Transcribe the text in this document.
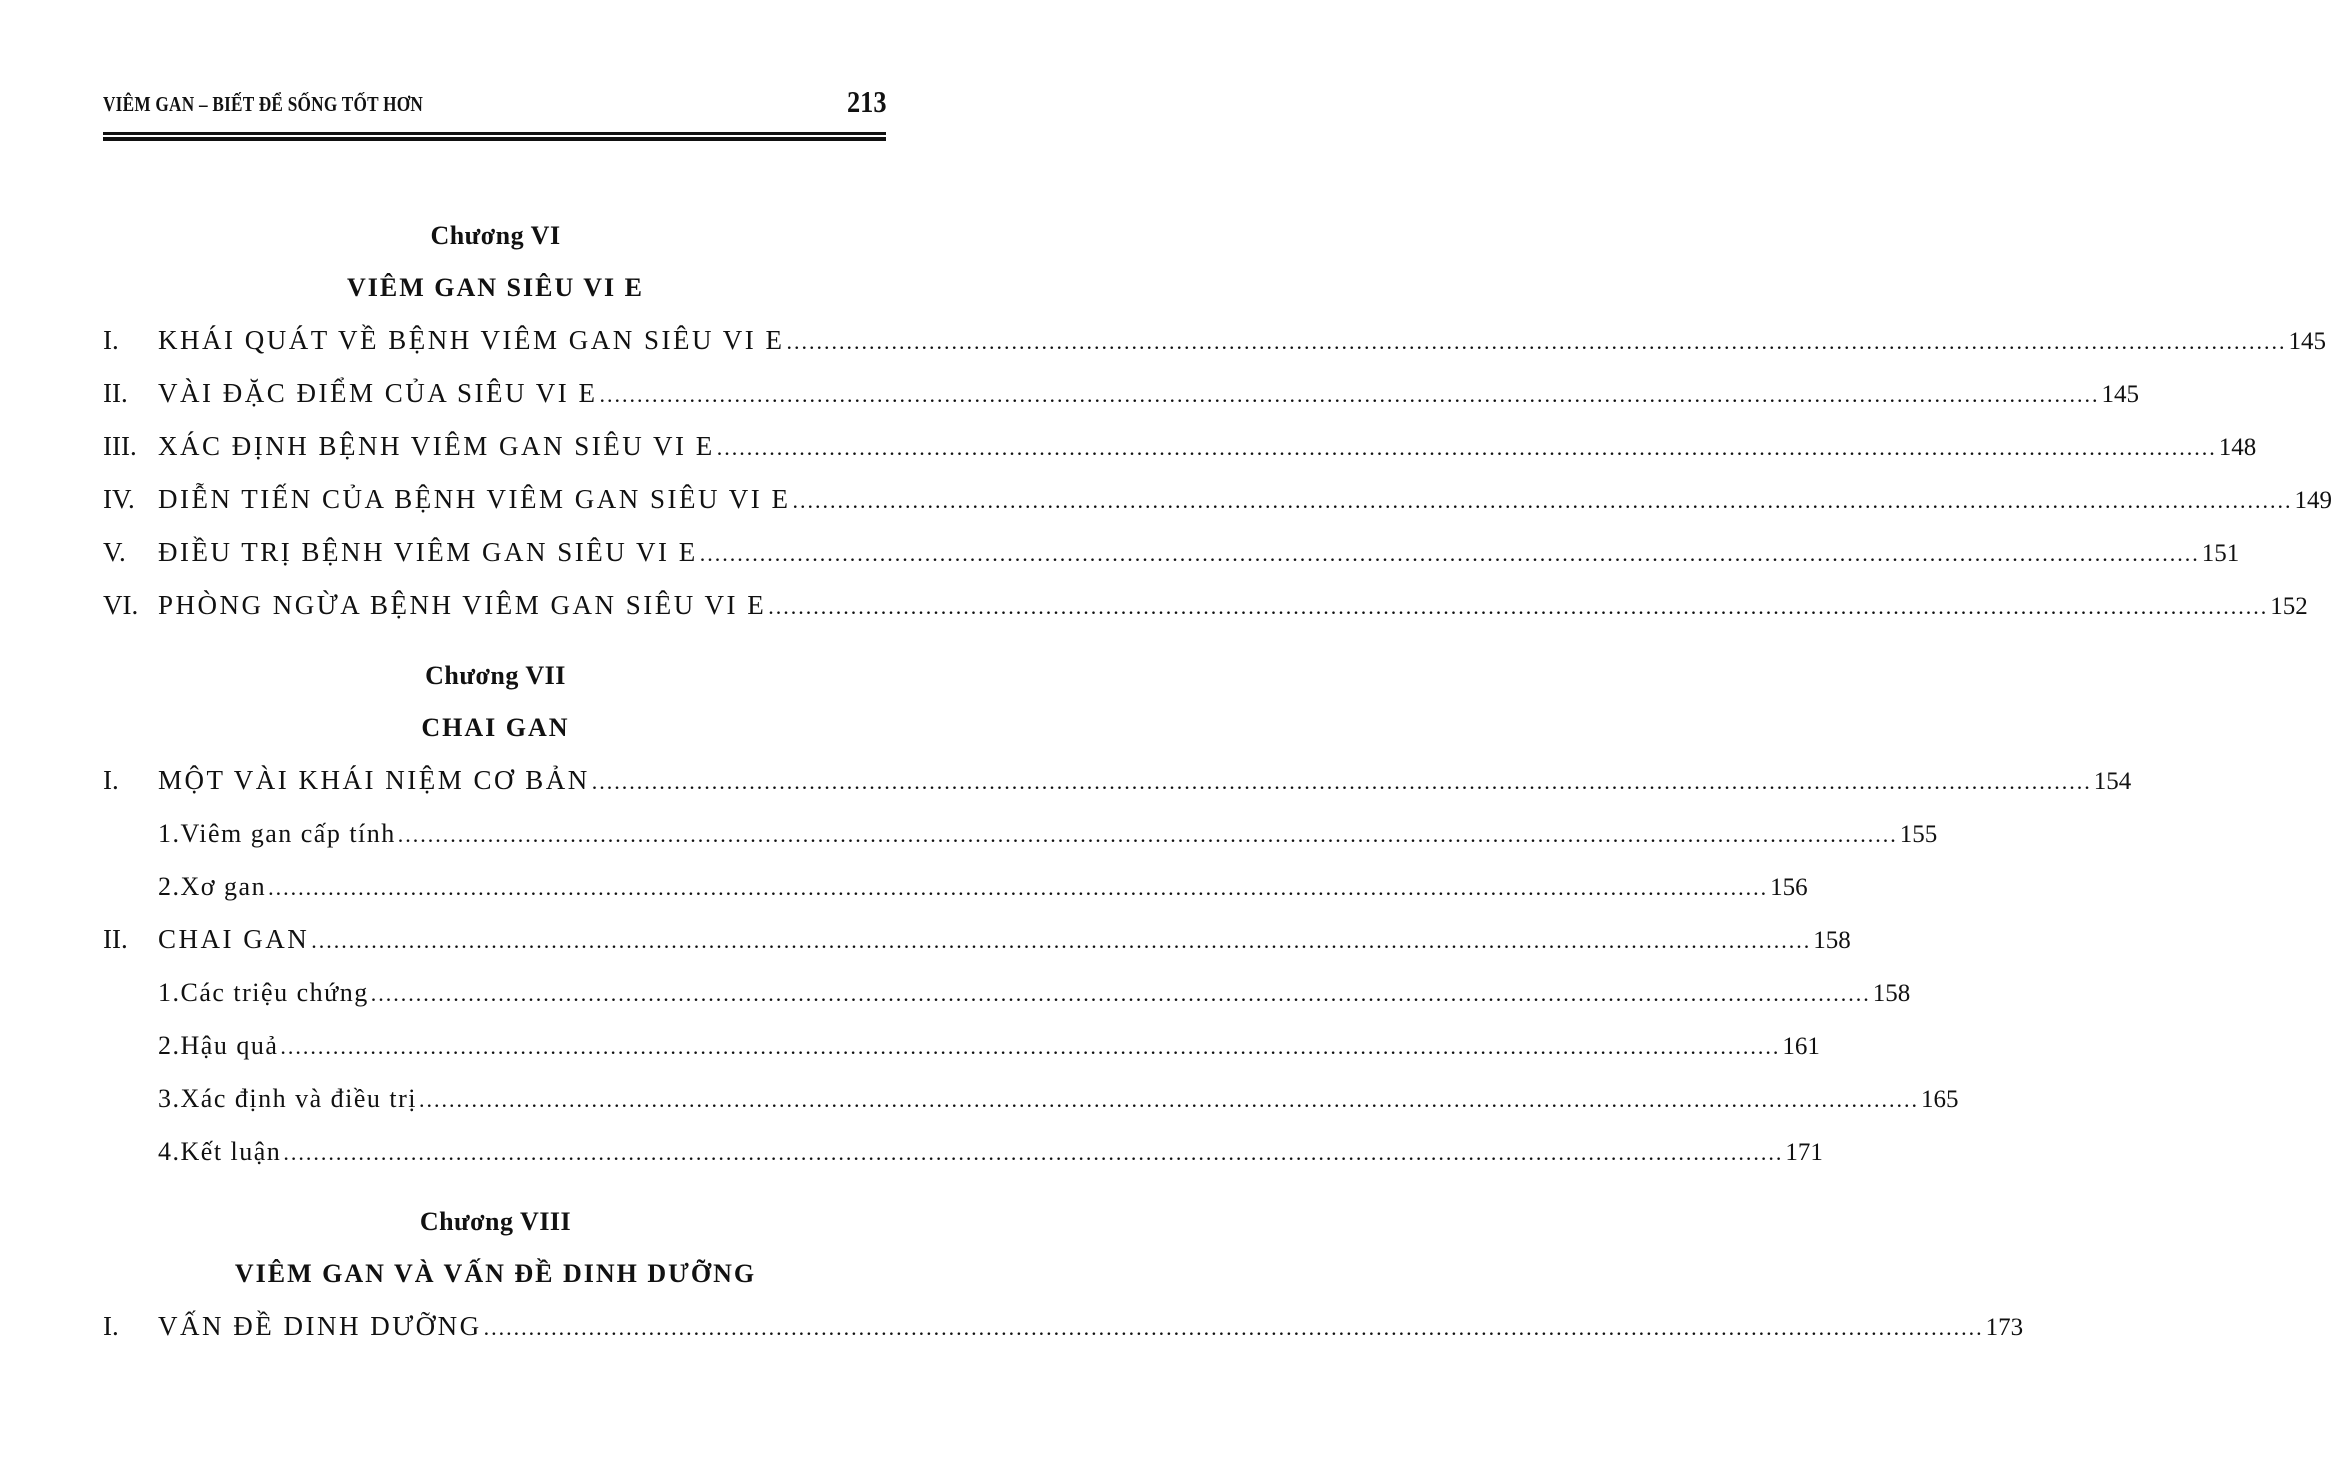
VIÊM GAN – BIẾT ĐỂ SỐNG TỐT HƠN	213
Chương VI
VIÊM GAN SIÊU VI E
I.	KHÁI QUÁT VỀ BỆNH VIÊM GAN SIÊU VI E ........................................................................................................................................................................................................ 145
II.	VÀI ĐẶC ĐIỂM CỦA SIÊU VI E ........................................................................................................................................................................................................ 145
III. XÁC ĐỊNH BỆNH VIÊM GAN SIÊU VI E ........................................................................................................................................................................................................ 148
IV. DIỄN TIẾN CỦA BỆNH VIÊM GAN SIÊU VI E ........................................................................................................................................................................................................ 149
V.	ĐIỀU TRỊ BỆNH VIÊM GAN SIÊU VI E ........................................................................................................................................................................................................ 151
VI. PHÒNG NGỪA BỆNH VIÊM GAN SIÊU VI E ........................................................................................................................................................................................................ 152
Chương VII
CHAI GAN
I.	MỘT VÀI KHÁI NIỆM CƠ BẢN ........................................................................................................................................................................................................ 154
1.Viêm gan cấp tính ........................................................................................................................................................................................................ 155
2.Xơ gan ........................................................................................................................................................................................................ 156
II.	CHAI GAN ........................................................................................................................................................................................................ 158
1.Các triệu chứng ........................................................................................................................................................................................................ 158
2.Hậu quả ........................................................................................................................................................................................................ 161
3.Xác định và điều trị ........................................................................................................................................................................................................ 165
4.Kết luận ........................................................................................................................................................................................................ 171
Chương VIII
VIÊM GAN VÀ VẤN ĐỀ DINH DƯỠNG
I.	VẤN ĐỀ DINH DƯỠNG ........................................................................................................................................................................................................ 173
